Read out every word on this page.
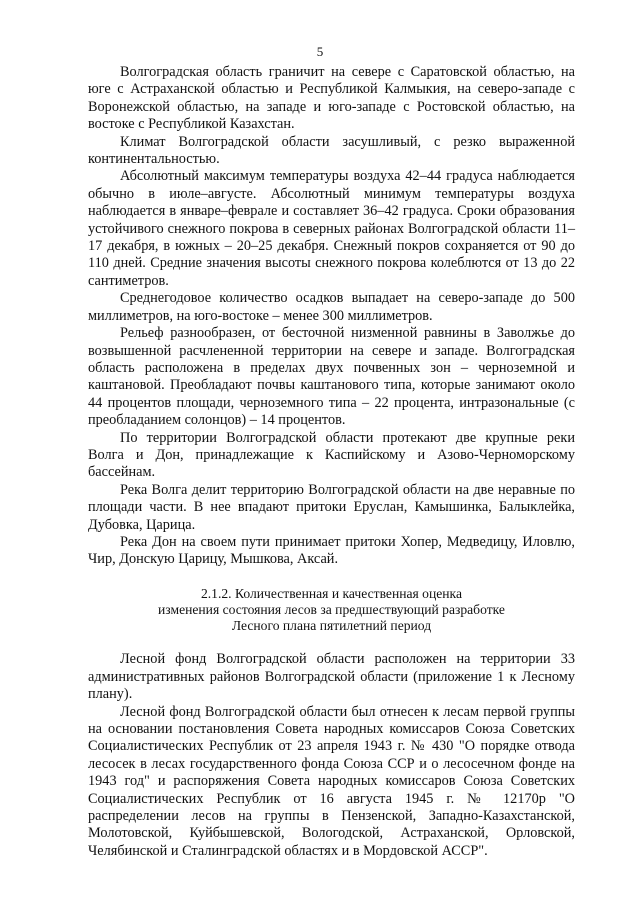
5

Волгоградская область граничит на севере с Саратовской областью, на юге с Астраханской областью и Республикой Калмыкия, на северо-западе с Воронежской областью, на западе и юго-западе с Ростовской областью, на востоке с Республикой Казахстан.

Климат Волгоградской области засушливый, с резко выраженной континентальностью.

Абсолютный максимум температуры воздуха 42–44 градуса наблюдается обычно в июле–августе. Абсолютный минимум температуры воздуха наблюдается в январе–феврале и составляет 36–42 градуса. Сроки образования устойчивого снежного покрова в северных районах Волгоградской области 11–17 декабря, в южных – 20–25 декабря. Снежный покров сохраняется от 90 до 110 дней. Средние значения высоты снежного покрова колеблются от 13 до 22 сантиметров.

Среднегодовое количество осадков выпадает на северо-западе до 500 миллиметров, на юго-востоке – менее 300 миллиметров.

Рельеф разнообразен, от бесточной низменной равнины в Заволжье до возвышенной расчлененной территории на севере и западе. Волгоградская область расположена в пределах двух почвенных зон – черноземной и каштановой. Преобладают почвы каштанового типа, которые занимают около 44 процентов площади, черноземного типа – 22 процента, интразональные (с преобладанием солонцов) – 14 процентов.

По территории Волгоградской области протекают две крупные реки Волга и Дон, принадлежащие к Каспийскому и Азово-Черноморскому бассейнам.

Река Волга делит территорию Волгоградской области на две неравные по площади части. В нее впадают притоки Еруслан, Камышинка, Балыклейка, Дубовка, Царица.

Река Дон на своем пути принимает притоки Хопер, Медведицу, Иловлю, Чир, Донскую Царицу, Мышкова, Аксай.

2.1.2. Количественная и качественная оценка
изменения состояния лесов за предшествующий разработке
Лесного плана пятилетний период

Лесной фонд Волгоградской области расположен на территории 33 административных районов Волгоградской области (приложение 1 к Лесному плану).

Лесной фонд Волгоградской области был отнесен к лесам первой группы на основании постановления Совета народных комиссаров Союза Советских Социалистических Республик от 23 апреля 1943 г. № 430 "О порядке отвода лесосек в лесах государственного фонда Союза ССР и о лесосечном фонде на 1943 год" и распоряжения Совета народных комиссаров Союза Советских Социалистических Республик от 16 августа 1945 г. № 12170р "О распределении лесов на группы в Пензенской, Западно-Казахстанской, Молотовской, Куйбышевской, Вологодской, Астраханской, Орловской, Челябинской и Сталинградской областях и в Мордовской АССР".
